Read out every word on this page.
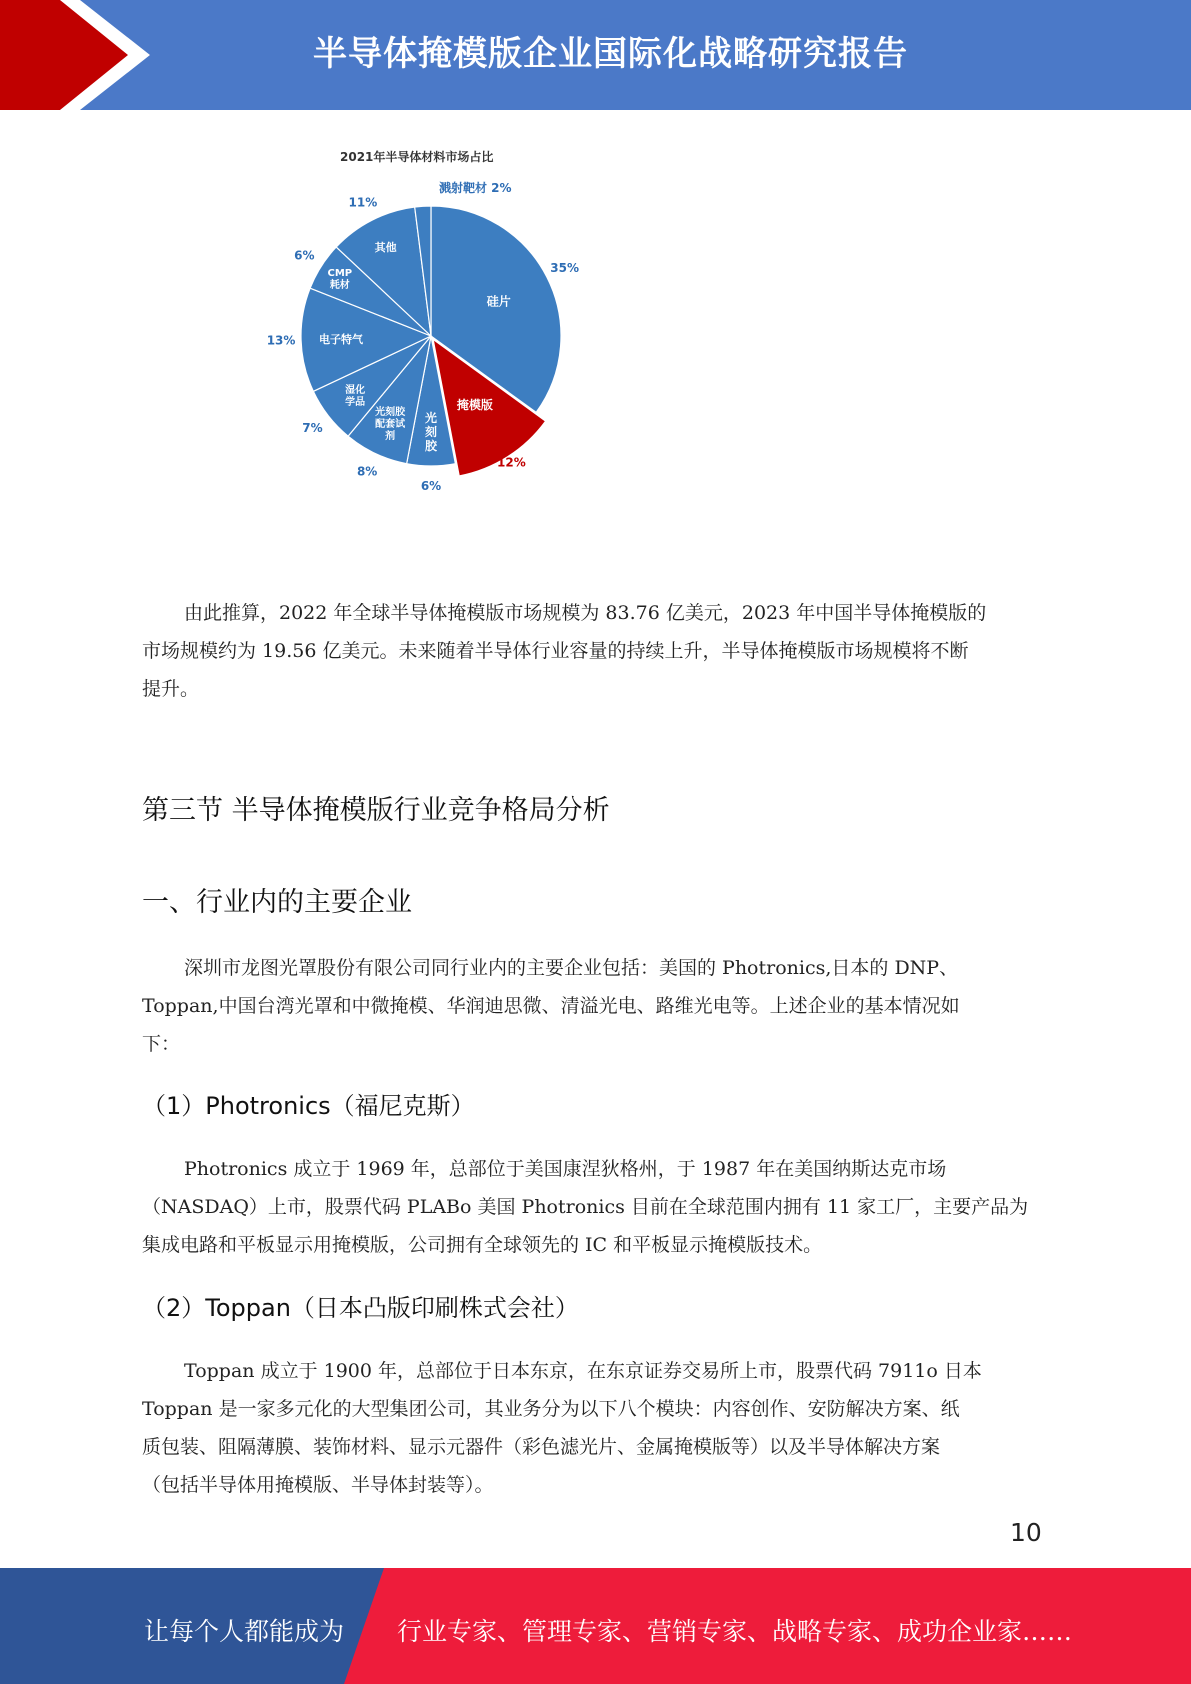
半导体掩模版企业国际化战略研究报告
2021年半导体材料市场占比
35%
12%
6%
8%
7%
13%
6%
11%
溅射靶材 2%
硅片
掩模版
光
刻
胶
光刻胶
配套试
剂
湿化
学品
电子特气
CMP
耗材
其他
由此推算，2022 年全球半导体掩模版市场规模为 83.76 亿美元，2023 年中国半导体掩模版的
市场规模约为 19.56 亿美元。未来随着半导体行业容量的持续上升，半导体掩模版市场规模将不断
提升。
第三节 半导体掩模版行业竞争格局分析
一、行业内的主要企业
深圳市龙图光罩股份有限公司同行业内的主要企业包括：美国的 Photronics,日本的 DNP、
Toppan,中国台湾光罩和中微掩模、华润迪思微、清溢光电、路维光电等。上述企业的基本情况如
下：
（1）Photronics（福尼克斯）
Photronics 成立于 1969 年，总部位于美国康涅狄格州，于 1987 年在美国纳斯达克市场
（NASDAQ）上市，股票代码 PLABo 美国 Photronics 目前在全球范围内拥有 11 家工厂，主要产品为
集成电路和平板显示用掩模版，公司拥有全球领先的 IC 和平板显示掩模版技术。
（2）Toppan（日本凸版印刷株式会社）
Toppan 成立于 1900 年，总部位于日本东京，在东京证券交易所上市，股票代码 7911o 日本
Toppan 是一家多元化的大型集团公司，其业务分为以下八个模块：内容创作、安防解决方案、纸
质包装、阻隔薄膜、装饰材料、显示元器件（彩色滤光片、金属掩模版等）以及半导体解决方案
（包括半导体用掩模版、半导体封装等）。
10
让每个人都能成为 行业专家、管理专家、营销专家、战略专家、成功企业家……
